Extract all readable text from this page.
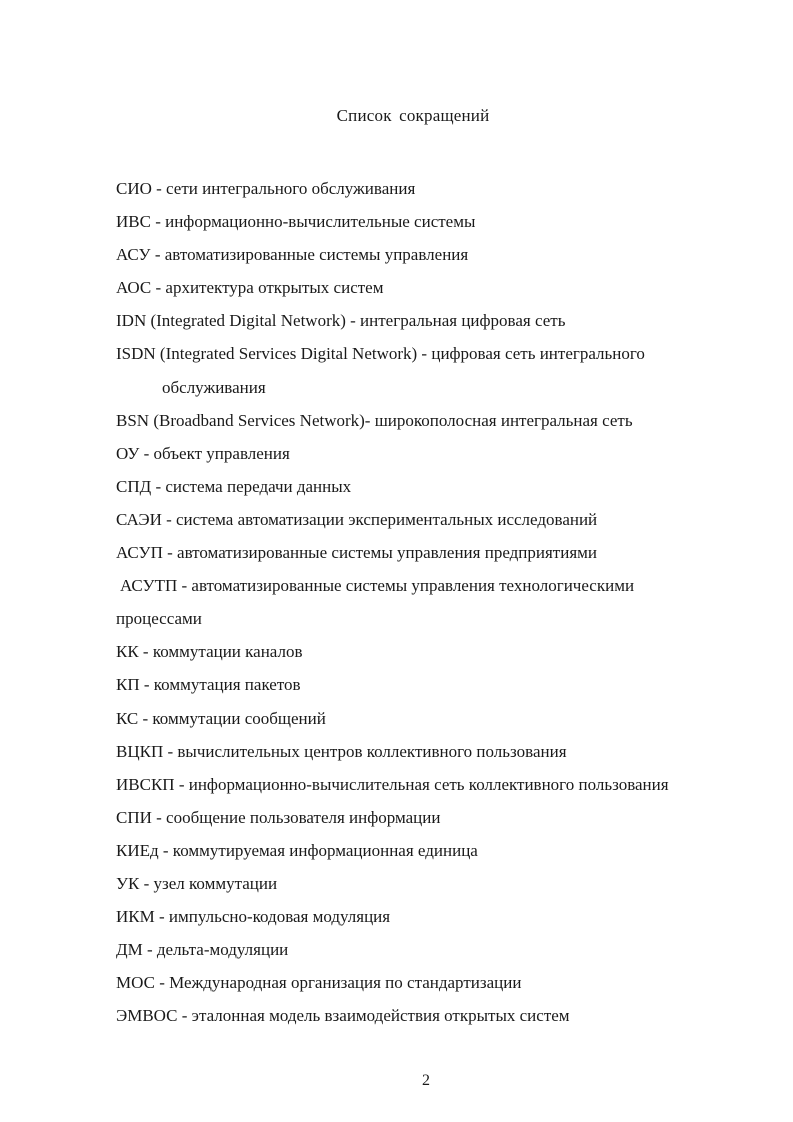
Список сокращений
СИО - сети интегрального обслуживания
ИВС - информационно-вычислительные системы
АСУ - автоматизированные системы управления
АОС - архитектура открытых систем
IDN (Integrated Digital Network) - интегральная цифровая сеть
ISDN (Integrated Services Digital Network) - цифровая сеть интегрального
обслуживания
BSN (Broadband Services Network)- широкополосная интегральная сеть
ОУ - объект управления
СПД - система передачи данных
САЭИ - система автоматизации экспериментальных исследований
АСУП - автоматизированные системы управления предприятиями
АСУТП - автоматизированные системы управления технологическими
процессами
КК - коммутации каналов
КП - коммутация пакетов
КС - коммутации сообщений
ВЦКП - вычислительных центров коллективного пользования
ИВСКП - информационно-вычислительная сеть коллективного пользования
СПИ - сообщение пользователя информации
КИЕд - коммутируемая информационная единица
УК - узел коммутации
ИКМ - импульсно-кодовая модуляция
ДМ - дельта-модуляции
МОС - Международная организация по стандартизации
ЭМВОС - эталонная модель взаимодействия открытых систем
2
